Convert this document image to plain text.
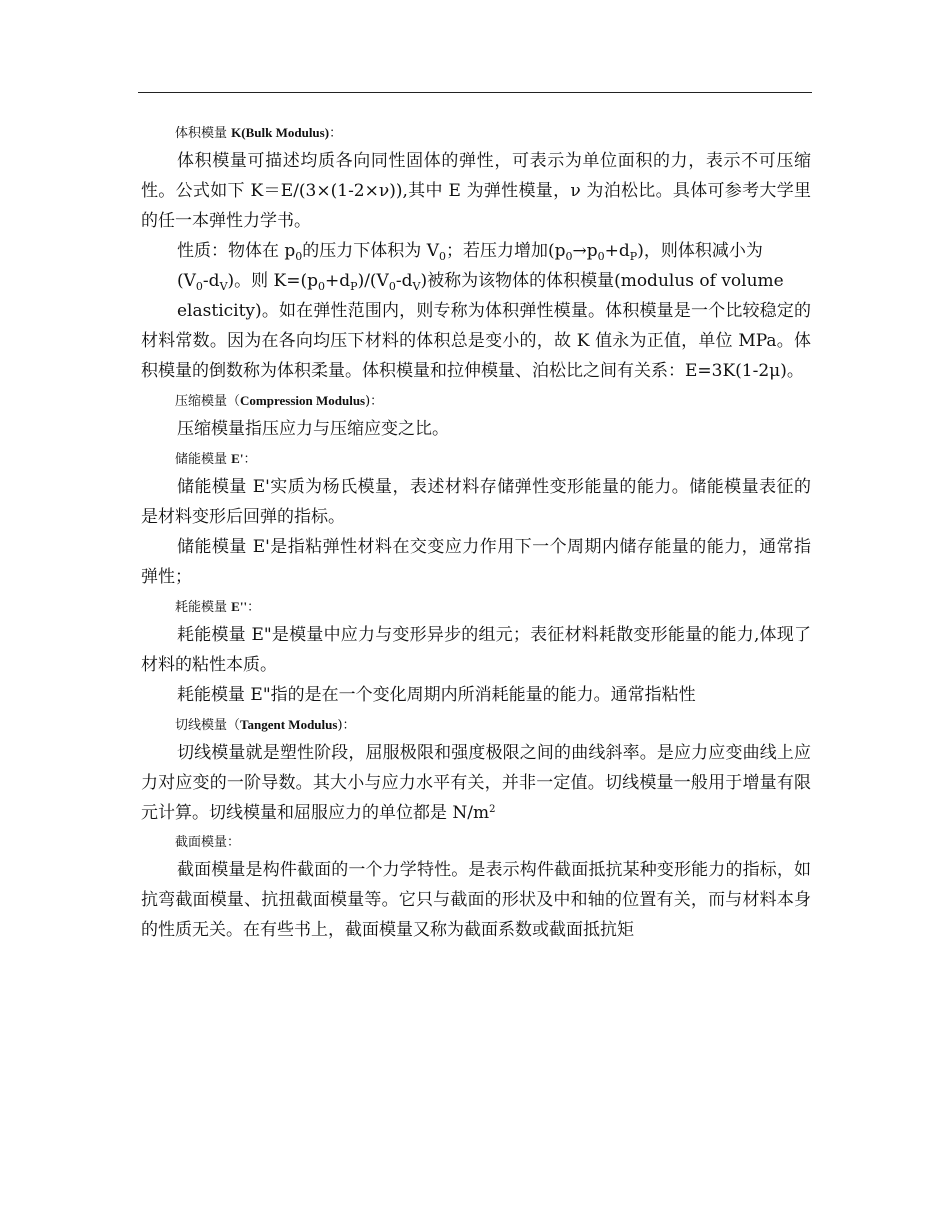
体积模量 K(Bulk Modulus)：

体积模量可描述均质各向同性固体的弹性，可表示为单位面积的力，表示不可压缩性。公式如下 K＝E/(3×(1-2×ν)),其中 E 为弹性模量，ν 为泊松比。具体可参考大学里的任一本弹性力学书。

性质：物体在 $p_0$的压力下体积为 $V_0$；若压力增加$(p_0\to p_0+d_P)$，则体积减小为
$(V_0-d_V)$。则 $K=(p_0+d_P)/(V_0-d_V)$被称为该物体的体积模量(modulus of volume

elasticity)。如在弹性范围内，则专称为体积弹性模量。体积模量是一个比较稳定的材料常数。因为在各向均压下材料的体积总是变小的，故 K 值永为正值，单位 MPa。体积模量的倒数称为体积柔量。体积模量和拉伸模量、泊松比之间有关系：E=3K(1-2μ)。

压缩模量（Compression Modulus)：

压缩模量指压应力与压缩应变之比。

储能模量 E'：

储能模量 E'实质为杨氏模量，表述材料存储弹性变形能量的能力。储能模量表征的是材料变形后回弹的指标。

储能模量 E'是指粘弹性材料在交变应力作用下一个周期内储存能量的能力，通常指弹性；

耗能模量 E''：

耗能模量 E"是模量中应力与变形异步的组元；表征材料耗散变形能量的能力,体现了材料的粘性本质。

耗能模量 E"指的是在一个变化周期内所消耗能量的能力。通常指粘性

切线模量（Tangent Modulus)：

切线模量就是塑性阶段，屈服极限和强度极限之间的曲线斜率。是应力应变曲线上应力对应变的一阶导数。其大小与应力水平有关，并非一定值。切线模量一般用于增量有限元计算。切线模量和屈服应力的单位都是 $N/m^2$

截面模量：

截面模量是构件截面的一个力学特性。是表示构件截面抵抗某种变形能力的指标，如抗弯截面模量、抗扭截面模量等。它只与截面的形状及中和轴的位置有关，而与材料本身的性质无关。在有些书上，截面模量又称为截面系数或截面抵抗矩
